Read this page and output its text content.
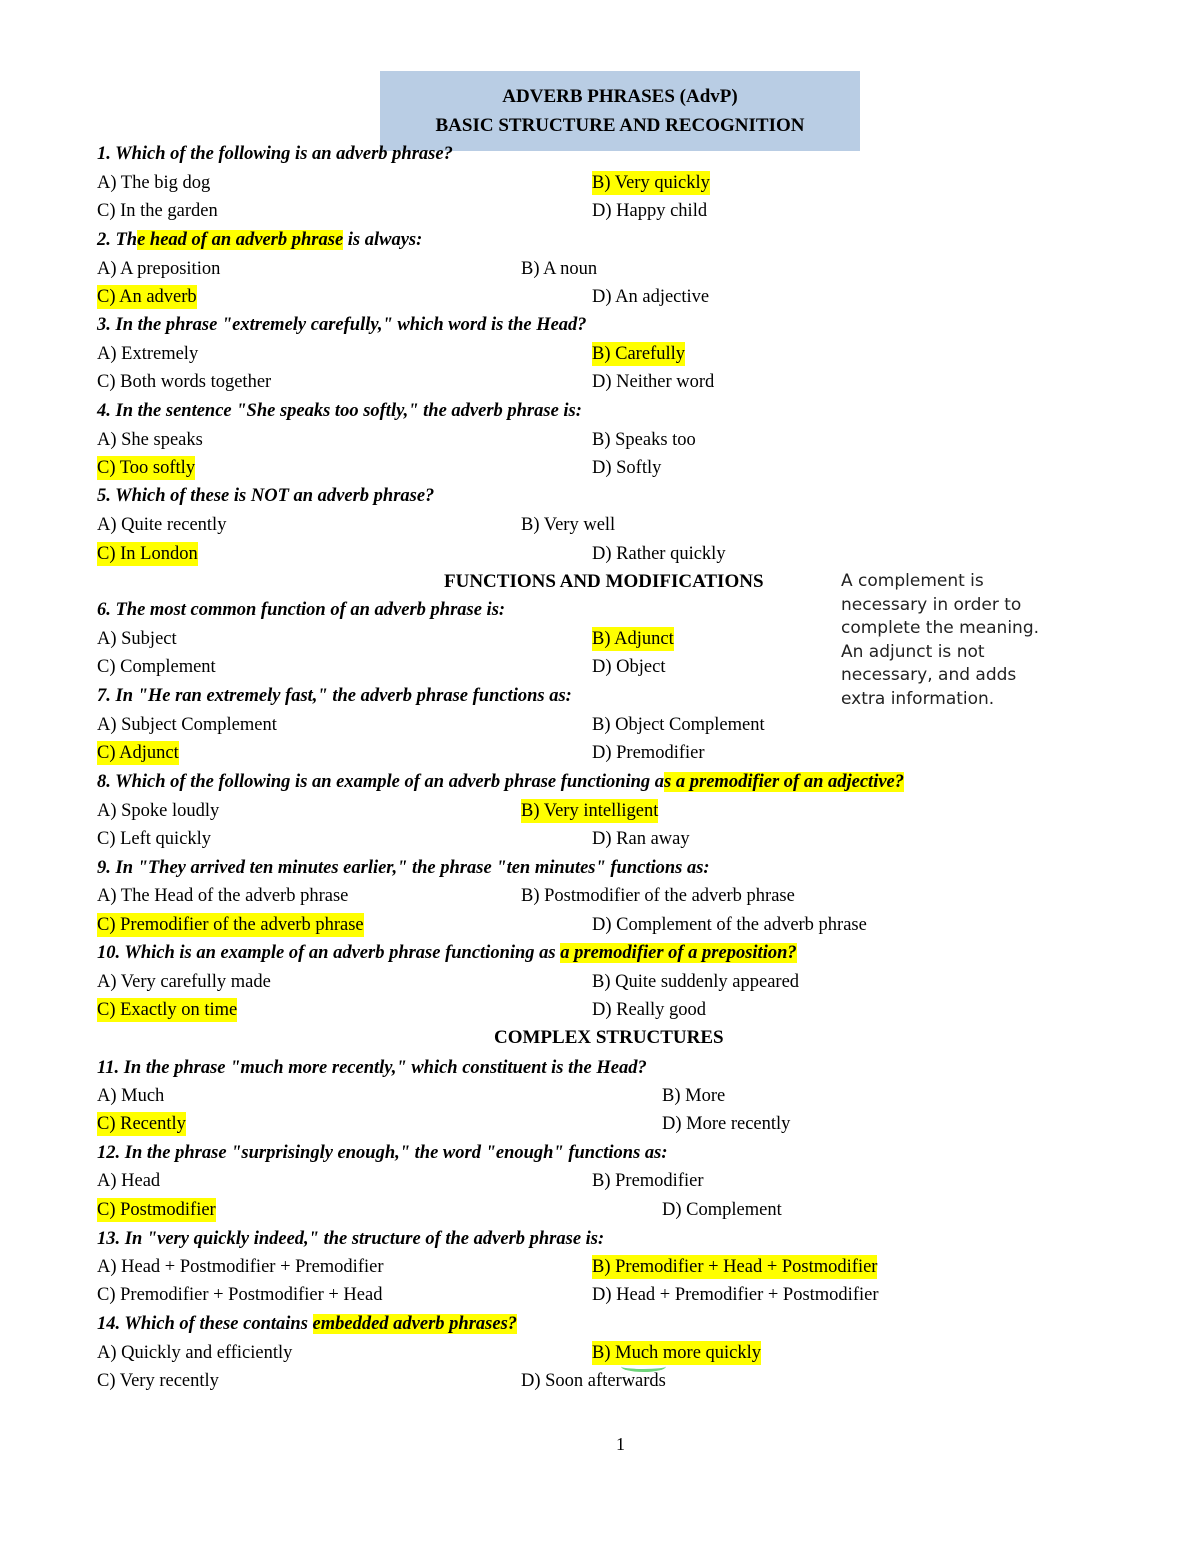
ADVERB PHRASES (AdvP)
BASIC STRUCTURE AND RECOGNITION
1. Which of the following is an adverb phrase?
A) The big dog	B) Very quickly
C) In the garden	D) Happy child
2. The head of an adverb phrase is always:
A) A preposition	B) A noun
C) An adverb	D) An adjective
3. In the phrase "extremely carefully," which word is the Head?
A) Extremely	B) Carefully
C) Both words together	D) Neither word
4. In the sentence "She speaks too softly," the adverb phrase is:
A) She speaks	B) Speaks too
C) Too softly	D) Softly
5. Which of these is NOT an adverb phrase?
A) Quite recently	B) Very well
C) In London	D) Rather quickly
FUNCTIONS AND MODIFICATIONS	A complement is
necessary in order to
complete the meaning.
An adjunct is not
necessary, and adds
extra information.
6. The most common function of an adverb phrase is:
A) Subject	B) Adjunct
C) Complement	D) Object
7. In "He ran extremely fast," the adverb phrase functions as:
A) Subject Complement	B) Object Complement
C) Adjunct	D) Premodifier
8. Which of the following is an example of an adverb phrase functioning as a premodifier of an adjective?
A) Spoke loudly	B) Very intelligent
C) Left quickly	D) Ran away
9. In "They arrived ten minutes earlier," the phrase "ten minutes" functions as:
A) The Head of the adverb phrase	B) Postmodifier of the adverb phrase
C) Premodifier of the adverb phrase	D) Complement of the adverb phrase
10. Which is an example of an adverb phrase functioning as a premodifier of a preposition?
A) Very carefully made	B) Quite suddenly appeared
C) Exactly on time	D) Really good
COMPLEX STRUCTURES
11. In the phrase "much more recently," which constituent is the Head?
A) Much	B) More
C) Recently	D) More recently
12. In the phrase "surprisingly enough," the word "enough" functions as:
A) Head	B) Premodifier
C) Postmodifier	D) Complement
13. In "very quickly indeed," the structure of the adverb phrase is:
A) Head + Postmodifier + Premodifier	B) Premodifier + Head + Postmodifier
C) Premodifier + Postmodifier + Head	D) Head + Premodifier + Postmodifier
14. Which of these contains embedded adverb phrases?
A) Quickly and efficiently	B) Much more quickly
C) Very recently	D) Soon afterwards
1
